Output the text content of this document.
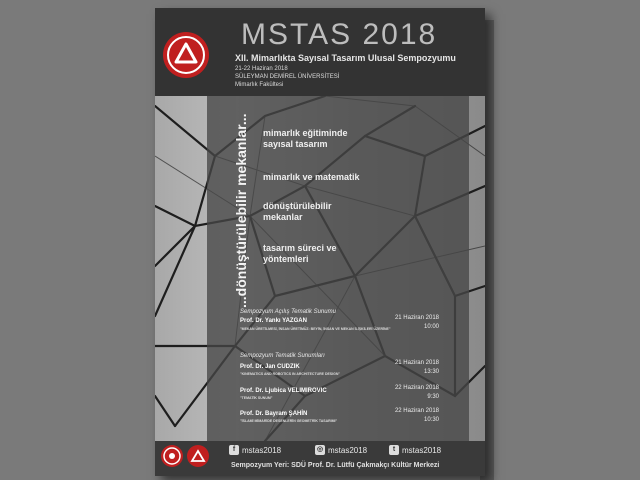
MSTAS 2018
XII. Mimarlıkta Sayısal Tasarım Ulusal Sempozyumu
21-22 Haziran 2018
SÜLEYMAN DEMİREL ÜNİVERSİTESİ
Mimarlık Fakültesi
...dönüştürülebilir mekanlar... mimarlık eğitiminde sayısal tasarım
mimarlık ve matematik
dönüştürülebilir mekanlar
tasarım süreci ve yöntemleri
Sempozyum Açılış Tematik Sunumu
Prof. Dr. Yankı YAZGAN
"MEKAN ÜRETİLMESİ, İNSAN ÜRETİMÜZ: BEYİN, İNSAN VE MEKAN İLİŞKİLERİ ÜZERİNE"
21 Haziran 2018
10:00
Sempozyum Tematik Sunumları
Prof. Dr. Jan CUDZIK
"KINEMATICS AND ROBOTICS IN ARCHITECTURE DESIGN"
21 Haziran 2018
13:30
Prof. Dr. Ljubica VELIMIROVIC
"TEMATİK SUNUM"
22 Haziran 2018
9:30
Prof. Dr. Bayram ŞAHİN
"İSLAMİ MİMARİDE DESENLERİN GEOMETRİK TASARIMI"
22 Haziran 2018
10:30
f mstas2018	◎ mstas2018	t mstas2018
Sempozyum Yeri: SDÜ Prof. Dr. Lütfü Çakmakçı Kültür Merkezi
